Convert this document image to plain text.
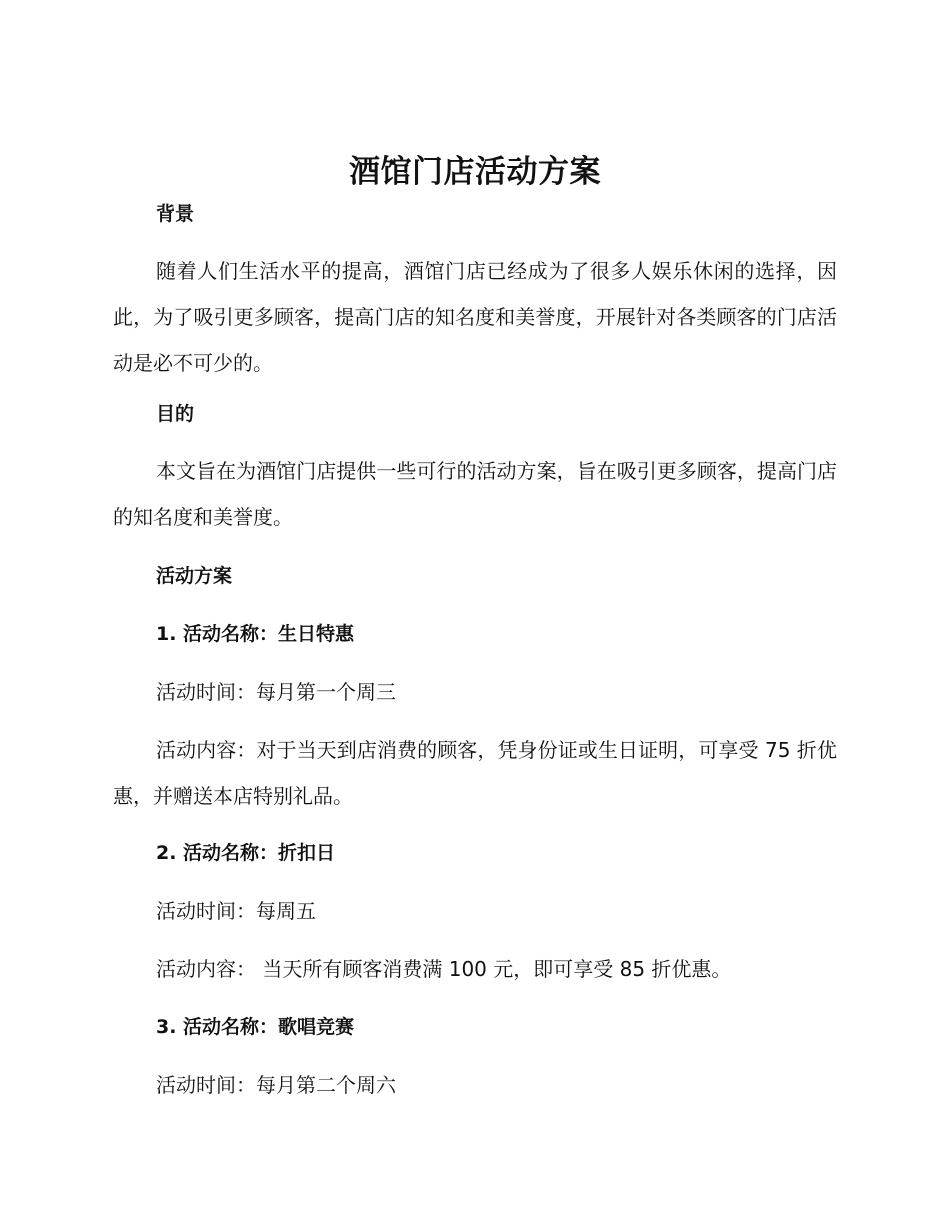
酒馆门店活动方案
背景

随着人们生活水平的提高，酒馆门店已经成为了很多人娱乐休闲的选择，因此，为了吸引更多顾客，提高门店的知名度和美誉度，开展针对各类顾客的门店活动是必不可少的。

目的

本文旨在为酒馆门店提供一些可行的活动方案，旨在吸引更多顾客，提高门店的知名度和美誉度。

活动方案
1. 活动名称：生日特惠
活动时间：每月第一个周三

活动内容：对于当天到店消费的顾客，凭身份证或生日证明，可享受 75 折优惠，并赠送本店特别礼品。

2. 活动名称：折扣日
活动时间：每周五
活动内容： 当天所有顾客消费满 100 元，即可享受 85 折优惠。
3. 活动名称：歌唱竞赛
活动时间：每月第二个周六
